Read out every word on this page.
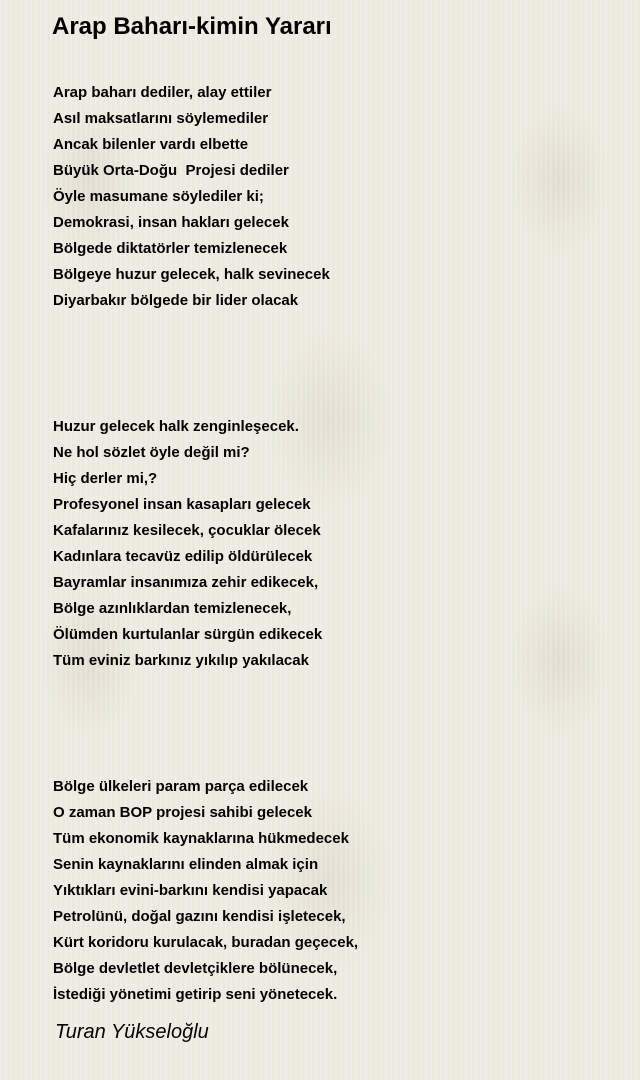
Arap Baharı-kimin Yararı
Arap baharı dediler, alay ettiler
Asıl maksatlarını söylemediler
Ancak bilenler vardı elbette
Büyük Orta-Doğu  Projesi dediler
Öyle masumane söylediler ki;
Demokrasi, insan hakları gelecek
Bölgede diktatörler temizlenecek
Bölgeye huzur gelecek, halk sevinecek
Diyarbakır bölgede bir lider olacak
Huzur gelecek halk zenginleşecek.
Ne hol sözlet öyle değil mi?
Hiç derler mi,?
Profesyonel insan kasapları gelecek
Kafalarınız kesilecek, çocuklar ölecek
Kadınlara tecavüz edilip öldürülecek
Bayramlar insanımıza zehir edikecek,
Bölge azınlıklardan temizlenecek,
Ölümden kurtulanlar sürgün edikecek
Tüm eviniz barkınız yıkılıp yakılacak
Bölge ülkeleri param parça edilecek
O zaman BOP projesi sahibi gelecek
Tüm ekonomik kaynaklarına hükmedecek
Senin kaynaklarını elinden almak için
Yıktıkları evini-barkını kendisi yapacak
Petrolünü, doğal gazını kendisi işletecek,
Kürt koridoru kurulacak, buradan geçecek,
Bölge devletlet devletçiklere bölünecek,
İstediği yönetimi getirip seni yönetecek.

Turan Yükseloğlu
